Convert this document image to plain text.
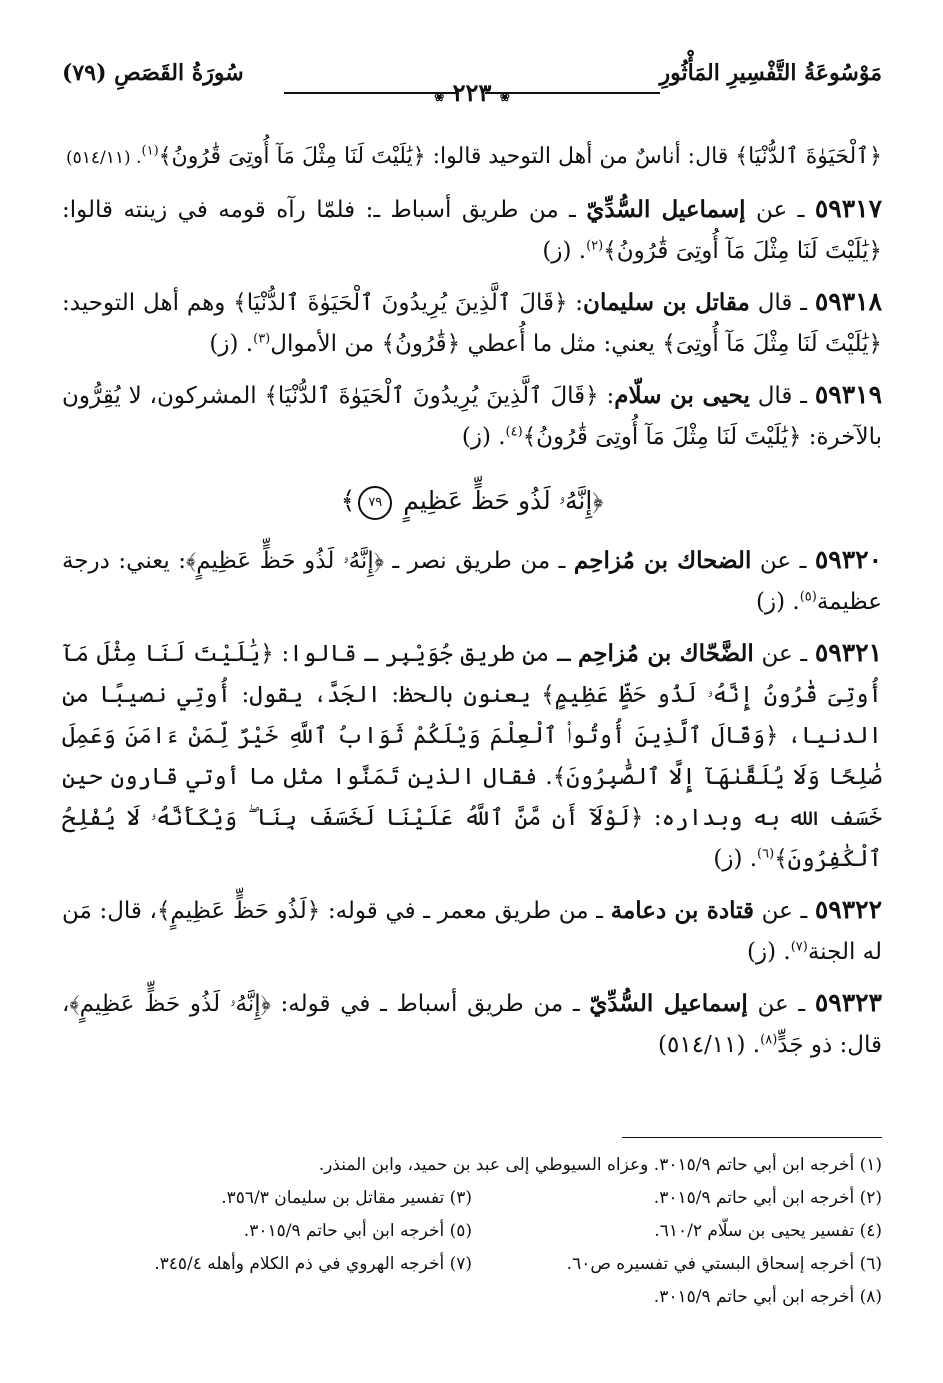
مَوْسُوعَةُ التَّفْسِيرِ المَأْثُورِ
سُورَةُ القَصَصِ (٧٩)
❀ ٢٢٣ ❀

﴿ٱلْحَيَوٰةَ ٱلدُّنْيَا﴾ قال: أناسٌ من أهل التوحيد قالوا: ﴿يَٰلَيْتَ لَنَا مِثْلَ مَآ أُوتِىَ قَٰرُونُ﴾$^{(١)}$. (٥١٤/١١)

٥٩٣١٧ ـ عن إسماعيل السُّدِّيّ ـ من طريق أسباط ـ: فلمّا رآه قومه في زينته قالوا: ﴿يَٰلَيْتَ لَنَا مِثْلَ مَآ أُوتِىَ قَٰرُونُ﴾$^{(٢)}$. (ز)

٥٩٣١٨ ـ قال مقاتل بن سليمان: ﴿قَالَ ٱلَّذِينَ يُرِيدُونَ ٱلْحَيَوٰةَ ٱلدُّنْيَا﴾ وهم أهل التوحيد: ﴿يَٰلَيْتَ لَنَا مِثْلَ مَآ أُوتِىَ﴾ يعني: مثل ما أُعطي ﴿قَٰرُونُ﴾ من الأموال$^{(٣)}$. (ز)

٥٩٣١٩ ـ قال يحيى بن سلّام: ﴿قَالَ ٱلَّذِينَ يُرِيدُونَ ٱلْحَيَوٰةَ ٱلدُّنْيَا﴾ المشركون، لا يُقِرُّون بالآخرة: ﴿يَٰلَيْتَ لَنَا مِثْلَ مَآ أُوتِىَ قَٰرُونُ﴾$^{(٤)}$. (ز)

﴿إِنَّهُۥ لَذُو حَظٍّ عَظِيمٍ ٧٩﴾

٥٩٣٢٠ ـ عن الضحاك بن مُزاحِم ـ من طريق نصر ـ ﴿إِنَّهُۥ لَذُو حَظٍّ عَظِيمٍ﴾: يعني: درجة عظيمة$^{(٥)}$. (ز)

٥٩٣٢١ ـ عن الضَّحّاك بن مُزاحِم ـ من طريق جُوَيْبِر ـ قالوا: ﴿يَٰلَيْتَ لَنَا مِثْلَ مَآ أُوتِىَ قَٰرُونُ إِنَّهُۥ لَذُو حَظٍّ عَظِيمٍ﴾ يعنون بالحظ: الجَدَّ، يقول: أُوتِي نصيبًا من الدنيا، ﴿وَقَالَ ٱلَّذِينَ أُوتُوا۟ ٱلْعِلْمَ وَيْلَكُمْ ثَوَابُ ٱللَّهِ خَيْرٌ لِّمَنْ ءَامَنَ وَعَمِلَ صَٰلِحًا وَلَا يُلَقَّىٰهَآ إِلَّا ٱلصَّٰبِرُونَ﴾. فقال الذين تَمَنَّوا مثل ما أوتي قارون حين خَسَف الله به وبداره: ﴿لَوْلَآ أَن مَّنَّ ٱللَّهُ عَلَيْنَا لَخَسَفَ بِنَا ۖ وَيْكَأَنَّهُۥ لَا يُفْلِحُ ٱلْكَٰفِرُونَ﴾$^{(٦)}$. (ز)

٥٩٣٢٢ ـ عن قتادة بن دعامة ـ من طريق معمر ـ في قوله: ﴿لَذُو حَظٍّ عَظِيمٍ﴾، قال: مَن له الجنة$^{(٧)}$. (ز)

٥٩٣٢٣ ـ عن إسماعيل السُّدِّيّ ـ من طريق أسباط ـ في قوله: ﴿إِنَّهُۥ لَذُو حَظٍّ عَظِيمٍ﴾، قال: ذو جَدٍّ$^{(٨)}$. (٥١٤/١١)

(١) أخرجه ابن أبي حاتم ٣٠١٥/٩. وعزاه السيوطي إلى عبد بن حميد، وابن المنذر.
(٢) أخرجه ابن أبي حاتم ٣٠١٥/٩.
(٣) تفسير مقاتل بن سليمان ٣٥٦/٣.
(٤) تفسير يحيى بن سلّام ٦١٠/٢.
(٥) أخرجه ابن أبي حاتم ٣٠١٥/٩.
(٦) أخرجه إسحاق البستي في تفسيره ص٦٠.
(٧) أخرجه الهروي في ذم الكلام وأهله ٣٤٥/٤.
(٨) أخرجه ابن أبي حاتم ٣٠١٥/٩.
